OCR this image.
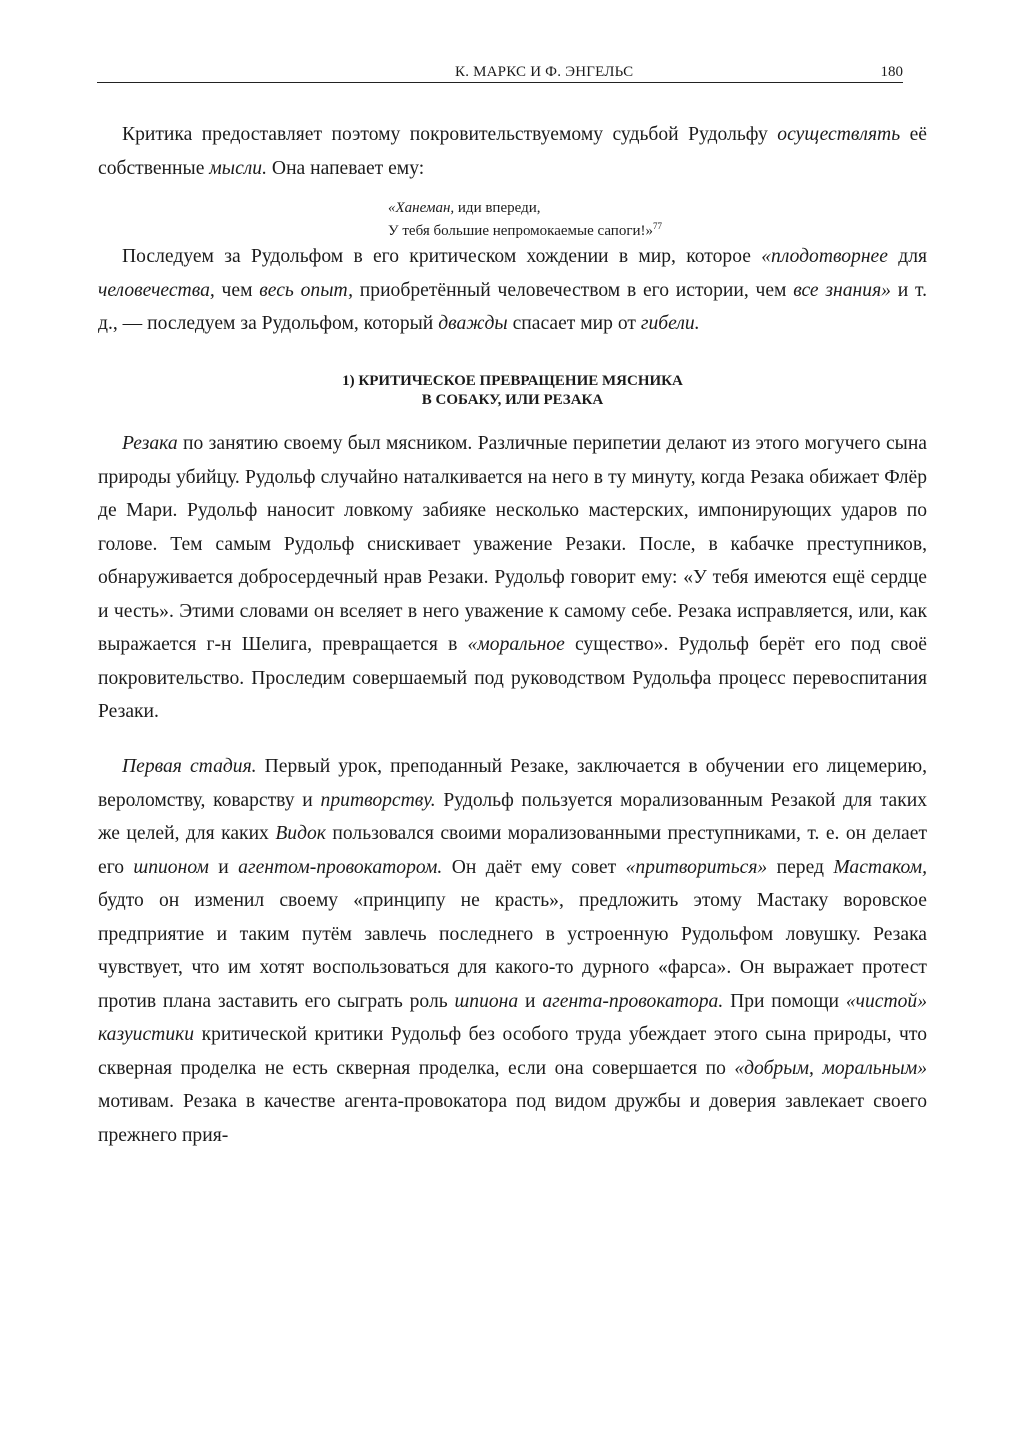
К. МАРКС И Ф. ЭНГЕЛЬС	180

Критика предоставляет поэтому покровительствуемому судьбой Рудольфу осуществлять её собственные мысли. Она напевает ему:

«Ханеман, иди впереди,
У тебя большие непромокаемые сапоги!»$^{77}$

Последуем за Рудольфом в его критическом хождении в мир, которое «плодотворнее для человечества, чем весь опыт, приобретённый человечеством в его истории, чем все знания» и т. д., — последуем за Рудольфом, который дважды спасает мир от гибели.

1) КРИТИЧЕСКОЕ ПРЕВРАЩЕНИЕ МЯСНИКА
В СОБАКУ, ИЛИ РЕЗАКА

Резака по занятию своему был мясником. Различные перипетии делают из этого могучего сына природы убийцу. Рудольф случайно наталкивается на него в ту минуту, когда Резака обижает Флёр де Мари. Рудольф наносит ловкому забияке несколько мастерских, импонирующих ударов по голове. Тем самым Рудольф снискивает уважение Резаки. После, в кабачке преступников, обнаруживается добросердечный нрав Резаки. Рудольф говорит ему: «У тебя имеются ещё сердце и честь». Этими словами он вселяет в него уважение к самому себе. Резака исправляется, или, как выражается г-н Шелига, превращается в «моральное существо». Рудольф берёт его под своё покровительство. Проследим совершаемый под руководством Рудольфа процесс перевоспитания Резаки.

Первая стадия. Первый урок, преподанный Резаке, заключается в обучении его лицемерию, вероломству, коварству и притворству. Рудольф пользуется морализованным Резакой для таких же целей, для каких Видок пользовался своими морализованными преступниками, т. е. он делает его шпионом и агентом-провокатором. Он даёт ему совет «притвориться» перед Мастаком, будто он изменил своему «принципу не красть», предложить этому Мастаку воровское предприятие и таким путём завлечь последнего в устроенную Рудольфом ловушку. Резака чувствует, что им хотят воспользоваться для какого-то дурного «фарса». Он выражает протест против плана заставить его сыграть роль шпиона и агента-провокатора. При помощи «чистой» казуистики критической критики Рудольф без особого труда убеждает этого сына природы, что скверная проделка не есть скверная проделка, если она совершается по «добрым, моральным» мотивам. Резака в качестве агента-провокатора под видом дружбы и доверия завлекает своего прежнего прия-
